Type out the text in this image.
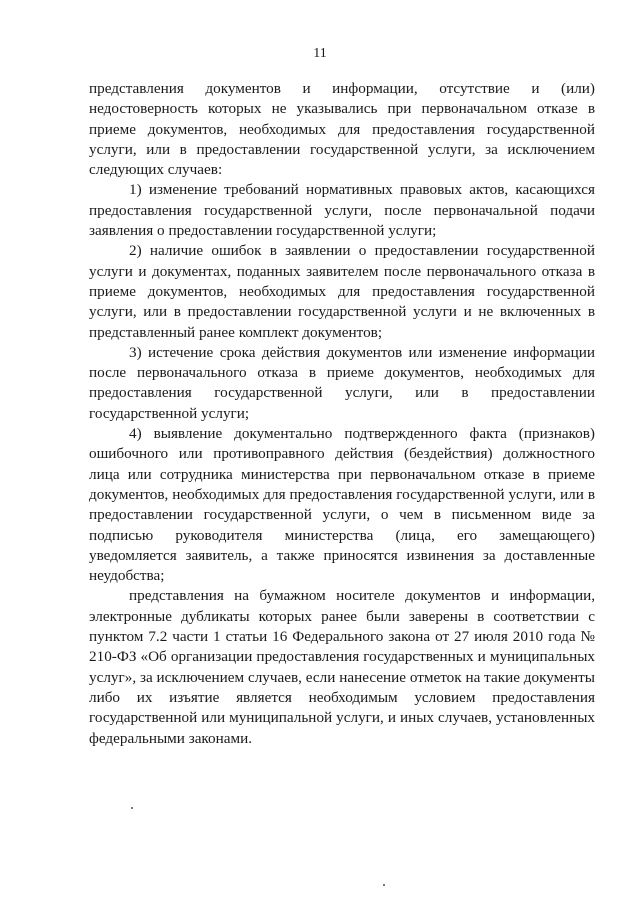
11

представления документов и информации, отсутствие и (или) недостоверность которых не указывались при первоначальном отказе в приеме документов, необходимых для предоставления государственной услуги, или в предоставлении государственной услуги, за исключением следующих случаев:

1) изменение требований нормативных правовых актов, касающихся предоставления государственной услуги, после первоначальной подачи заявления о предоставлении государственной услуги;

2) наличие ошибок в заявлении о предоставлении государственной услуги и документах, поданных заявителем после первоначального отказа в приеме документов, необходимых для предоставления государственной услуги, или в предоставлении государственной услуги и не включенных в представленный ранее комплект документов;

3) истечение срока действия документов или изменение информации после первоначального отказа в приеме документов, необходимых для предоставления государственной услуги, или в предоставлении государственной услуги;

4) выявление документально подтвержденного факта (признаков) ошибочного или противоправного действия (бездействия) должностного лица или сотрудника министерства при первоначальном отказе в приеме документов, необходимых для предоставления государственной услуги, или в предоставлении государственной услуги, о чем в письменном виде за подписью руководителя министерства (лица, его замещающего) уведомляется заявитель, а также приносятся извинения за доставленные неудобства;

представления на бумажном носителе документов и информации, электронные дубликаты которых ранее были заверены в соответствии с пунктом 7.2 части 1 статьи 16 Федерального закона от 27 июля 2010 года № 210-ФЗ «Об организации предоставления государственных и муниципальных услуг», за исключением случаев, если нанесение отметок на такие документы либо их изъятие является необходимым условием предоставления государственной или муниципальной услуги, и иных случаев, установленных федеральными законами.
